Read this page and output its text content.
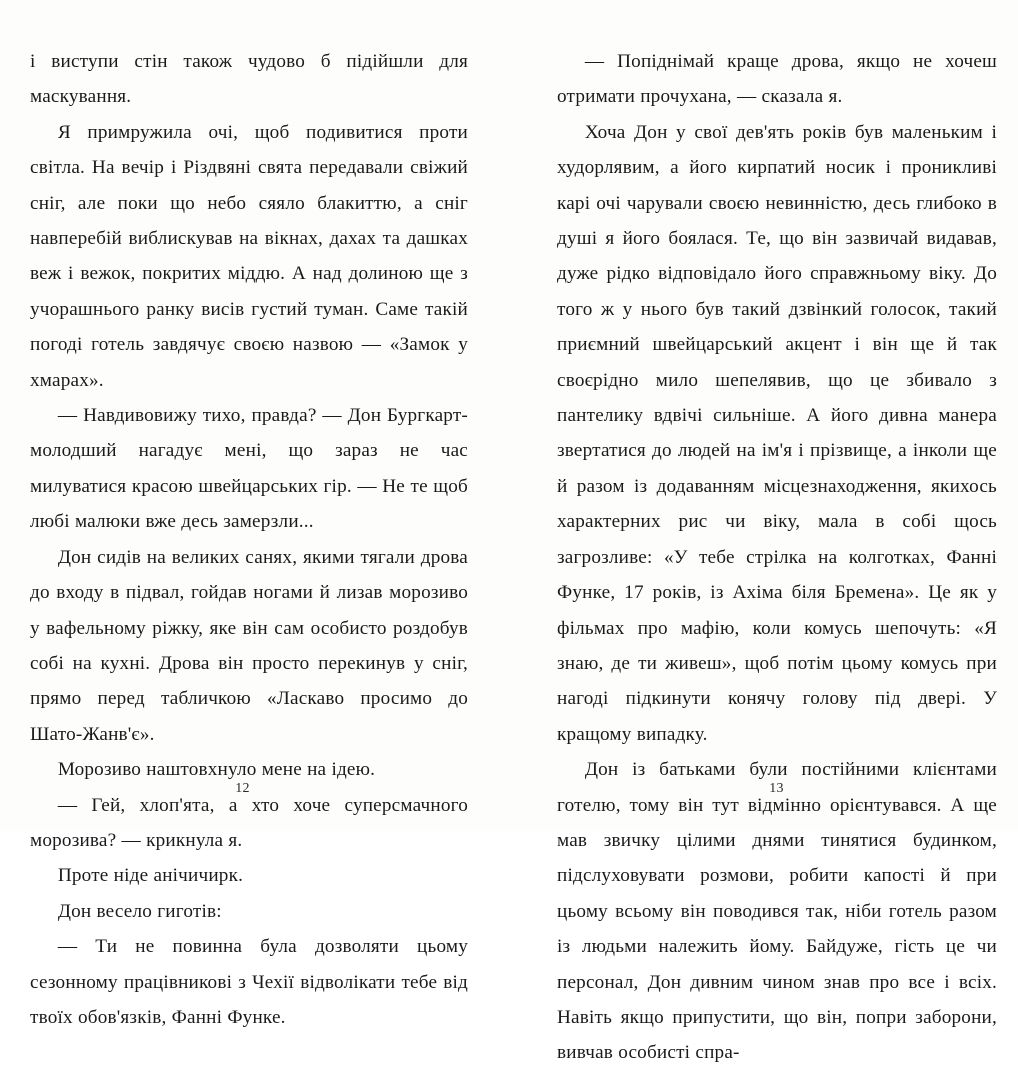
і виступи стін також чудово б підійшли для маскування.

Я примружила очі, щоб подивитися проти світла. На вечір і Різдвяні свята передавали свіжий сніг, але поки що небо сяяло блакиттю, а сніг навперебій виблискував на вікнах, дахах та дашках веж і вежок, покритих міддю. А над долиною ще з учорашнього ранку висів густий туман. Саме такій погоді готель завдячує своєю назвою — «Замок у хмарах».

— Навдивовижу тихо, правда? — Дон Бургкарт-молодший нагадує мені, що зараз не час милуватися красою швейцарських гір. — Не те щоб любі малюки вже десь замерзли...

Дон сидів на великих санях, якими тягали дрова до входу в підвал, гойдав ногами й лизав морозиво у вафельному ріжку, яке він сам особисто роздобув собі на кухні. Дрова він просто перекинув у сніг, прямо перед табличкою «Ласкаво просимо до Шато-Жанв'є».

Морозиво наштовхнуло мене на ідею.

— Гей, хлоп'ята, а хто хоче суперсмачного морозива? — крикнула я.

Проте ніде анічичирк.

Дон весело гиготів:

— Ти не повинна була дозволяти цьому сезонному працівникові з Чехії відволікати тебе від твоїх обов'язків, Фанні Функе.

12

— Попіднімай краще дрова, якщо не хочеш отримати прочухана, — сказала я.

Хоча Дон у свої дев'ять років був маленьким і худорлявим, а його кирпатий носик і проникливі карі очі чарували своєю невинністю, десь глибоко в душі я його боялася. Те, що він зазвичай видавав, дуже рідко відповідало його справжньому віку. До того ж у нього був такий дзвінкий голосок, такий приємний швейцарський акцент і він ще й так своєрідно мило шепелявив, що це збивало з пантелику вдвічі сильніше. А його дивна манера звертатися до людей на ім'я і прізвище, а інколи ще й разом із додаванням місцезнаходження, якихось характерних рис чи віку, мала в собі щось загрозливе: «У тебе стрілка на колготках, Фанні Функе, 17 років, із Ахіма біля Бремена». Це як у фільмах про мафію, коли комусь шепочуть: «Я знаю, де ти живеш», щоб потім цьому комусь при нагоді підкинути конячу голову під двері. У кращому випадку.

Дон із батьками були постійними клієнтами готелю, тому він тут відмінно орієнтувався. А ще мав звичку цілими днями тинятися будинком, підслуховувати розмови, робити капості й при цьому всьому він поводився так, ніби готель разом із людьми належить йому. Байдуже, гість це чи персонал, Дон дивним чином знав про все і всіх. Навіть якщо припустити, що він, попри заборони, вивчав особисті спра-

13
